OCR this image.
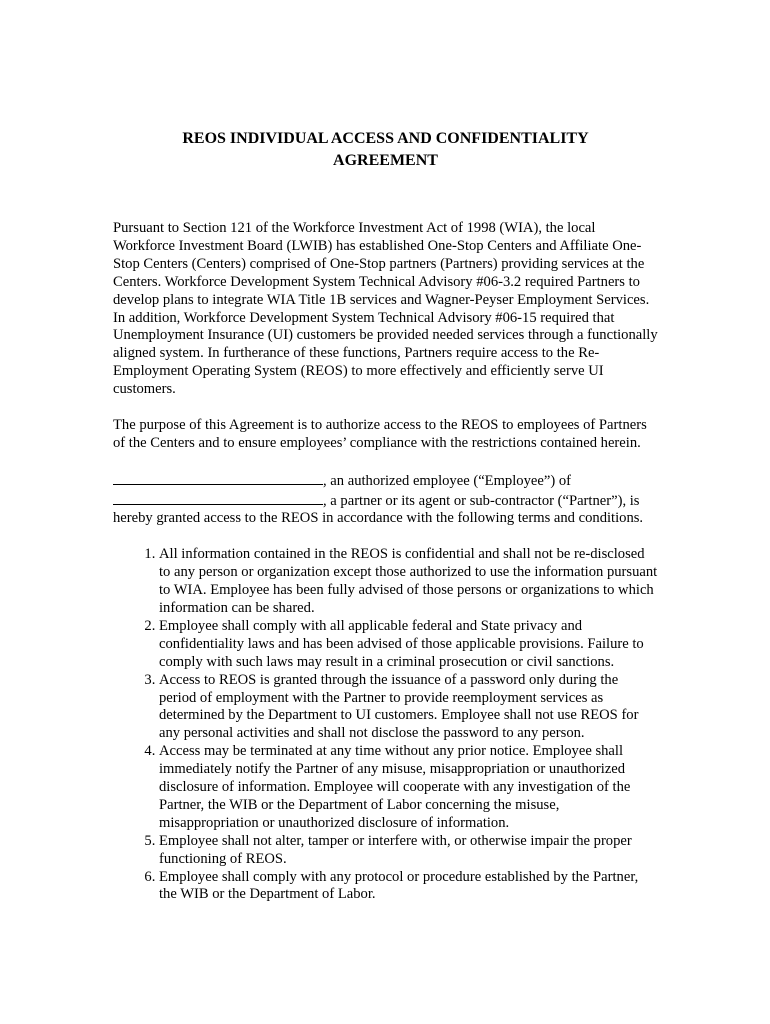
REOS INDIVIDUAL ACCESS AND CONFIDENTIALITY
AGREEMENT

Pursuant to Section 121 of the Workforce Investment Act of 1998 (WIA), the local Workforce Investment Board (LWIB) has established One-Stop Centers and Affiliate One-Stop Centers (Centers) comprised of One-Stop partners (Partners) providing services at the Centers. Workforce Development System Technical Advisory #06-3.2 required Partners to develop plans to integrate WIA Title 1B services and Wagner-Peyser Employment Services. In addition, Workforce Development System Technical Advisory #06-15 required that Unemployment Insurance (UI) customers be provided needed services through a functionally aligned system. In furtherance of these functions, Partners require access to the Re-Employment Operating System (REOS) to more effectively and efficiently serve UI customers.

The purpose of this Agreement is to authorize access to the REOS to employees of Partners of the Centers and to ensure employees’ compliance with the restrictions contained herein.

, an authorized employee (“Employee”) of
, a partner or its agent or sub-contractor (“Partner”), is hereby granted access to the REOS in accordance with the following terms and conditions.

1. All information contained in the REOS is confidential and shall not be re-disclosed to any person or organization except those authorized to use the information pursuant to WIA. Employee has been fully advised of those persons or organizations to which information can be shared.
2. Employee shall comply with all applicable federal and State privacy and confidentiality laws and has been advised of those applicable provisions. Failure to comply with such laws may result in a criminal prosecution or civil sanctions.
3. Access to REOS is granted through the issuance of a password only during the period of employment with the Partner to provide reemployment services as determined by the Department to UI customers. Employee shall not use REOS for any personal activities and shall not disclose the password to any person.
4. Access may be terminated at any time without any prior notice. Employee shall immediately notify the Partner of any misuse, misappropriation or unauthorized disclosure of information. Employee will cooperate with any investigation of the Partner, the WIB or the Department of Labor concerning the misuse, misappropriation or unauthorized disclosure of information.
5. Employee shall not alter, tamper or interfere with, or otherwise impair the proper functioning of REOS.
6. Employee shall comply with any protocol or procedure established by the Partner, the WIB or the Department of Labor.
